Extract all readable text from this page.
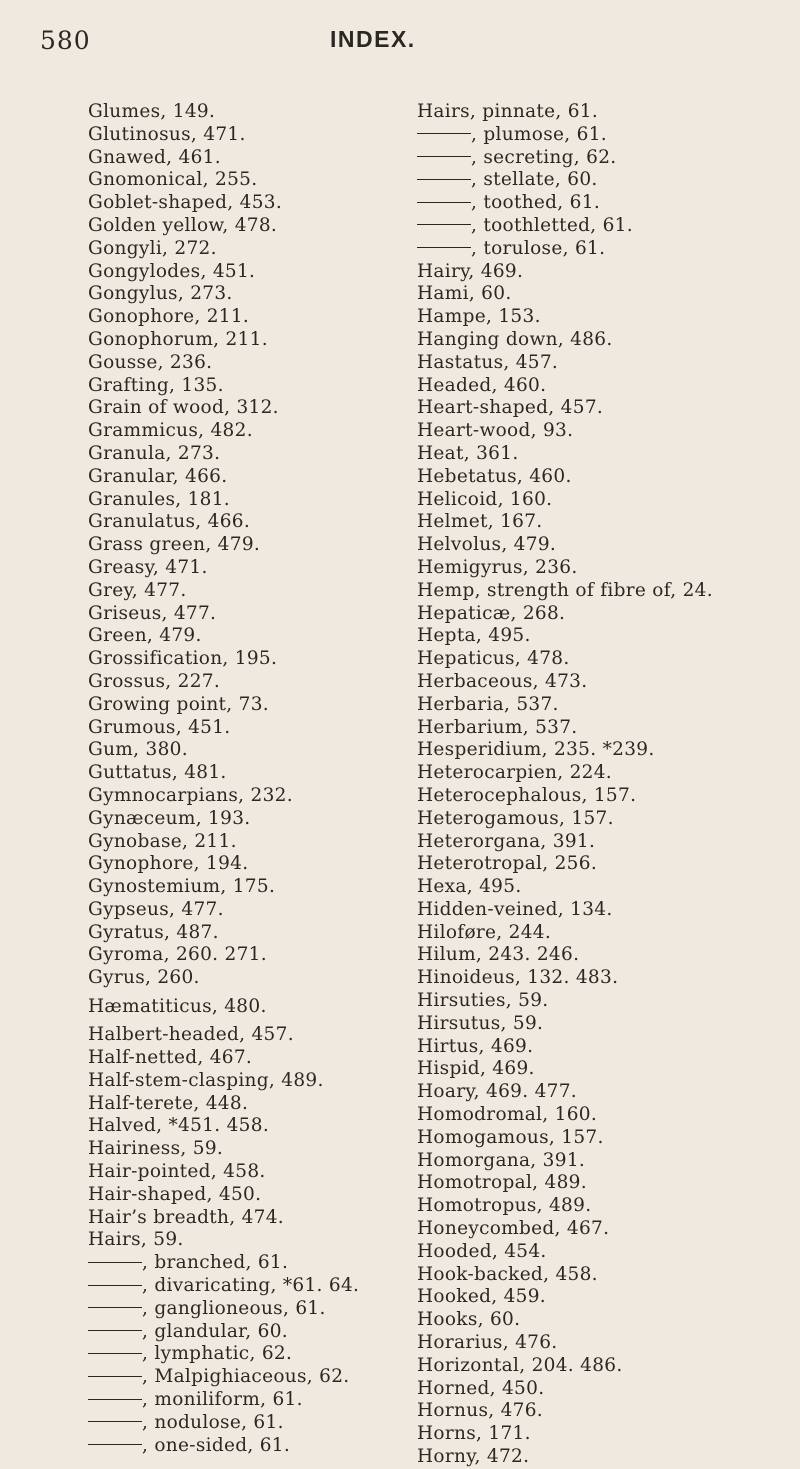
580	INDEX.
Glumes, 149.
Glutinosus, 471.
Gnawed, 461.
Gnomonical, 255.
Goblet-shaped, 453.
Golden yellow, 478.
Gongyli, 272.
Gongylodes, 451.
Gongylus, 273.
Gonophore, 211.
Gonophorum, 211.
Gousse, 236.
Grafting, 135.
Grain of wood, 312.
Grammicus, 482.
Granula, 273.
Granular, 466.
Granules, 181.
Granulatus, 466.
Grass green, 479.
Greasy, 471.
Grey, 477.
Griseus, 477.
Green, 479.
Grossification, 195.
Grossus, 227.
Growing point, 73.
Grumous, 451.
Gum, 380.
Guttatus, 481.
Gymnocarpians, 232.
Gynæceum, 193.
Gynobase, 211.
Gynophore, 194.
Gynostemium, 175.
Gypseus, 477.
Gyratus, 487.
Gyroma, 260. 271.
Gyrus, 260.
Hæmatiticus, 480.
Halbert-headed, 457.
Half-netted, 467.
Half-stem-clasping, 489.
Half-terete, 448.
Halved, *451. 458.
Hairiness, 59.
Hair-pointed, 458.
Hair-shaped, 450.
Hair’s breadth, 474.
Hairs, 59.
, branched, 61.
, divaricating, *61. 64.
, ganglioneous, 61.
, glandular, 60.
, lymphatic, 62.
, Malpighiaceous, 62.
, moniliform, 61.
, nodulose, 61.
, one-sided, 61.
Hairs, pinnate, 61.
, plumose, 61.
, secreting, 62.
, stellate, 60.
, toothed, 61.
, toothletted, 61.
, torulose, 61.
Hairy, 469.
Hami, 60.
Hampe, 153.
Hanging down, 486.
Hastatus, 457.
Headed, 460.
Heart-shaped, 457.
Heart-wood, 93.
Heat, 361.
Hebetatus, 460.
Helicoid, 160.
Helmet, 167.
Helvolus, 479.
Hemigyrus, 236.
Hemp, strength of fibre of, 24.
Hepaticæ, 268.
Hepta, 495.
Hepaticus, 478.
Herbaceous, 473.
Herbaria, 537.
Herbarium, 537.
Hesperidium, 235. *239.
Heterocarpien, 224.
Heterocephalous, 157.
Heterogamous, 157.
Heterorgana, 391.
Heterotropal, 256.
Hexa, 495.
Hidden-veined, 134.
Hiloføre, 244.
Hilum, 243. 246.
Hinoideus, 132. 483.
Hirsuties, 59.
Hirsutus, 59.
Hirtus, 469.
Hispid, 469.
Hoary, 469. 477.
Homodromal, 160.
Homogamous, 157.
Homorgana, 391.
Homotropal, 489.
Homotropus, 489.
Honeycombed, 467.
Hooded, 454.
Hook-backed, 458.
Hooked, 459.
Hooks, 60.
Horarius, 476.
Horizontal, 204. 486.
Horned, 450.
Hornus, 476.
Horns, 171.
Horny, 472.
